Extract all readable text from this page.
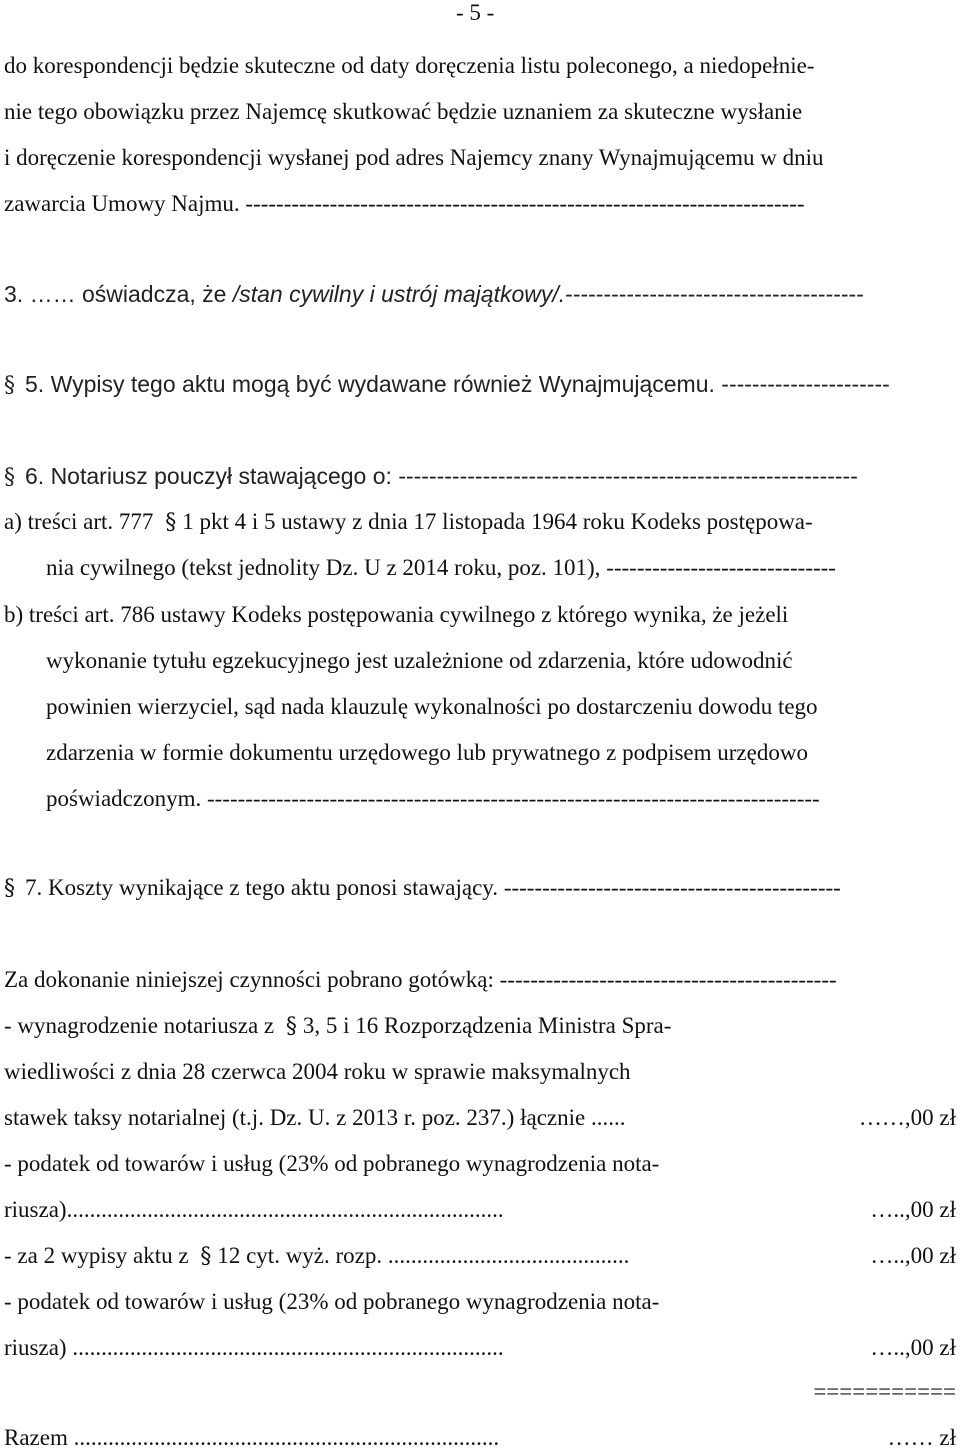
- 5 -
do korespondencji będzie skuteczne od daty doręczenia listu poleconego, a niedopełnie-
nie tego obowiązku przez Najemcę skutkować będzie uznaniem za skuteczne wysłanie
i doręczenie korespondencji wysłanej pod adres Najemcy znany Wynajmującemu w dniu
zawarcia Umowy Najmu. -------------------------------------------------------------------------
3. …… oświadcza, że /stan cywilny i ustrój majątkowy/.---------------------------------------
§ 5. Wypisy tego aktu mogą być wydawane również Wynajmującemu. ----------------------
§ 6. Notariusz pouczył stawającego o: ------------------------------------------------------------
a) treści art. 777 § 1 pkt 4 i 5 ustawy z dnia 17 listopada 1964 roku Kodeks postępowa-
nia cywilnego (tekst jednolity Dz. U z 2014 roku, poz. 101), ------------------------------
b) treści art. 786 ustawy Kodeks postępowania cywilnego z którego wynika, że jeżeli
wykonanie tytułu egzekucyjnego jest uzależnione od zdarzenia, które udowodnić
powinien wierzyciel, sąd nada klauzulę wykonalności po dostarczeniu dowodu tego
zdarzenia w formie dokumentu urzędowego lub prywatnego z podpisem urzędowo
poświadczonym. --------------------------------------------------------------------------------
§ 7. Koszty wynikające z tego aktu ponosi stawający. --------------------------------------------
Za dokonanie niniejszej czynności pobrano gotówką: --------------------------------------------
- wynagrodzenie notariusza z § 3, 5 i 16 Rozporządzenia Ministra Spra-
wiedliwości z dnia 28 czerwca 2004 roku w sprawie maksymalnych
stawek taksy notarialnej (t.j. Dz. U. z 2013 r. poz. 237.) łącznie ......	……,00 zł
- podatek od towarów i usług (23% od pobranego wynagrodzenia nota-
riusza)............................................................................	…..,00 zł
- za 2 wypisy aktu z § 12 cyt. wyż. rozp. ..........................................	…..,00 zł
- podatek od towarów i usług (23% od pobranego wynagrodzenia nota-
riusza) ...........................................................................	…..,00 zł
===========
Razem ..........................................................................	…… zł
